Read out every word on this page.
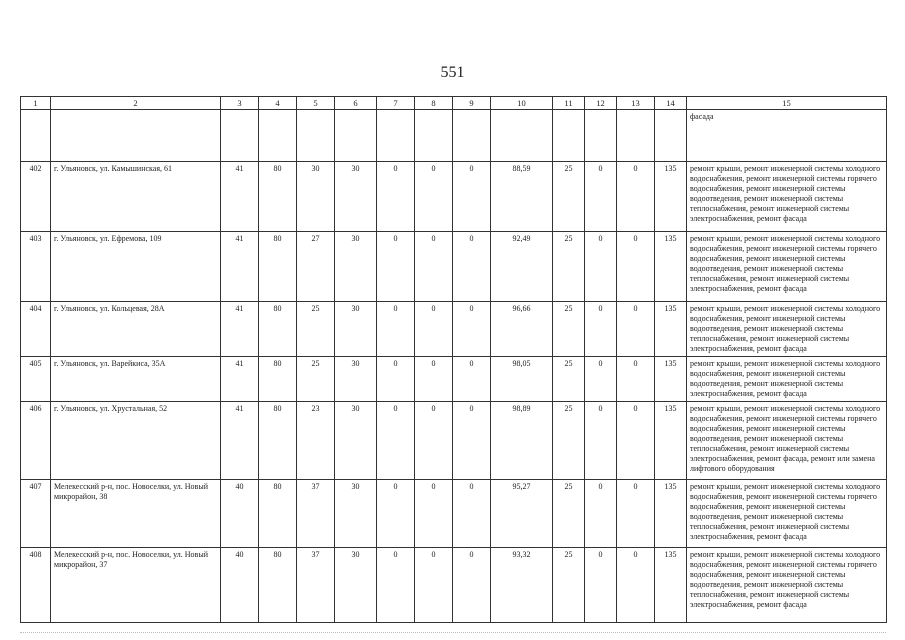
551
1	2	3	4	5	6	7	8	9	10	11	12	13	14	15
														фасада
402	г. Ульяновск, ул. Камышинская, 61	41	80	30	30	0	0	0	88,59	25	0	0	135	ремонт крыши, ремонт инженерной системы холодного водоснабжения, ремонт инженерной системы горячего водоснабжения, ремонт инженерной системы водоотведения, ремонт инженерной системы теплоснабжения, ремонт инженерной системы электроснабжения, ремонт фасада
403	г. Ульяновск, ул. Ефремова, 109	41	80	27	30	0	0	0	92,49	25	0	0	135	ремонт крыши, ремонт инженерной системы холодного водоснабжения, ремонт инженерной системы горячего водоснабжения, ремонт инженерной системы водоотведения, ремонт инженерной системы теплоснабжения, ремонт инженерной системы электроснабжения, ремонт фасада
404	г. Ульяновск, ул. Кольцевая, 28А	41	80	25	30	0	0	0	96,66	25	0	0	135	ремонт крыши, ремонт инженерной системы холодного водоснабжения, ремонт инженерной системы водоотведения, ремонт инженерной системы теплоснабжения, ремонт инженерной системы электроснабжения, ремонт фасада
405	г. Ульяновск, ул. Варейкиса, 35А	41	80	25	30	0	0	0	98,05	25	0	0	135	ремонт крыши, ремонт инженерной системы холодного водоснабжения, ремонт инженерной системы водоотведения, ремонт инженерной системы электроснабжения, ремонт фасада
406	г. Ульяновск, ул. Хрустальная, 52	41	80	23	30	0	0	0	98,89	25	0	0	135	ремонт крыши, ремонт инженерной системы холодного водоснабжения, ремонт инженерной системы горячего водоснабжения, ремонт инженерной системы водоотведения, ремонт инженерной системы теплоснабжения, ремонт инженерной системы электроснабжения, ремонт фасада, ремонт или замена лифтового оборудования
407	Мелекесский р-н, пос. Новоселки, ул. Новый микрорайон, 38	40	80	37	30	0	0	0	95,27	25	0	0	135	ремонт крыши, ремонт инженерной системы холодного водоснабжения, ремонт инженерной системы горячего водоснабжения, ремонт инженерной системы водоотведения, ремонт инженерной системы теплоснабжения, ремонт инженерной системы электроснабжения, ремонт фасада
408	Мелекесский р-н, пос. Новоселки, ул. Новый микрорайон, 37	40	80	37	30	0	0	0	93,32	25	0	0	135	ремонт крыши, ремонт инженерной системы холодного водоснабжения, ремонт инженерной системы горячего водоснабжения, ремонт инженерной системы водоотведения, ремонт инженерной системы теплоснабжения, ремонт инженерной системы электроснабжения, ремонт фасада
